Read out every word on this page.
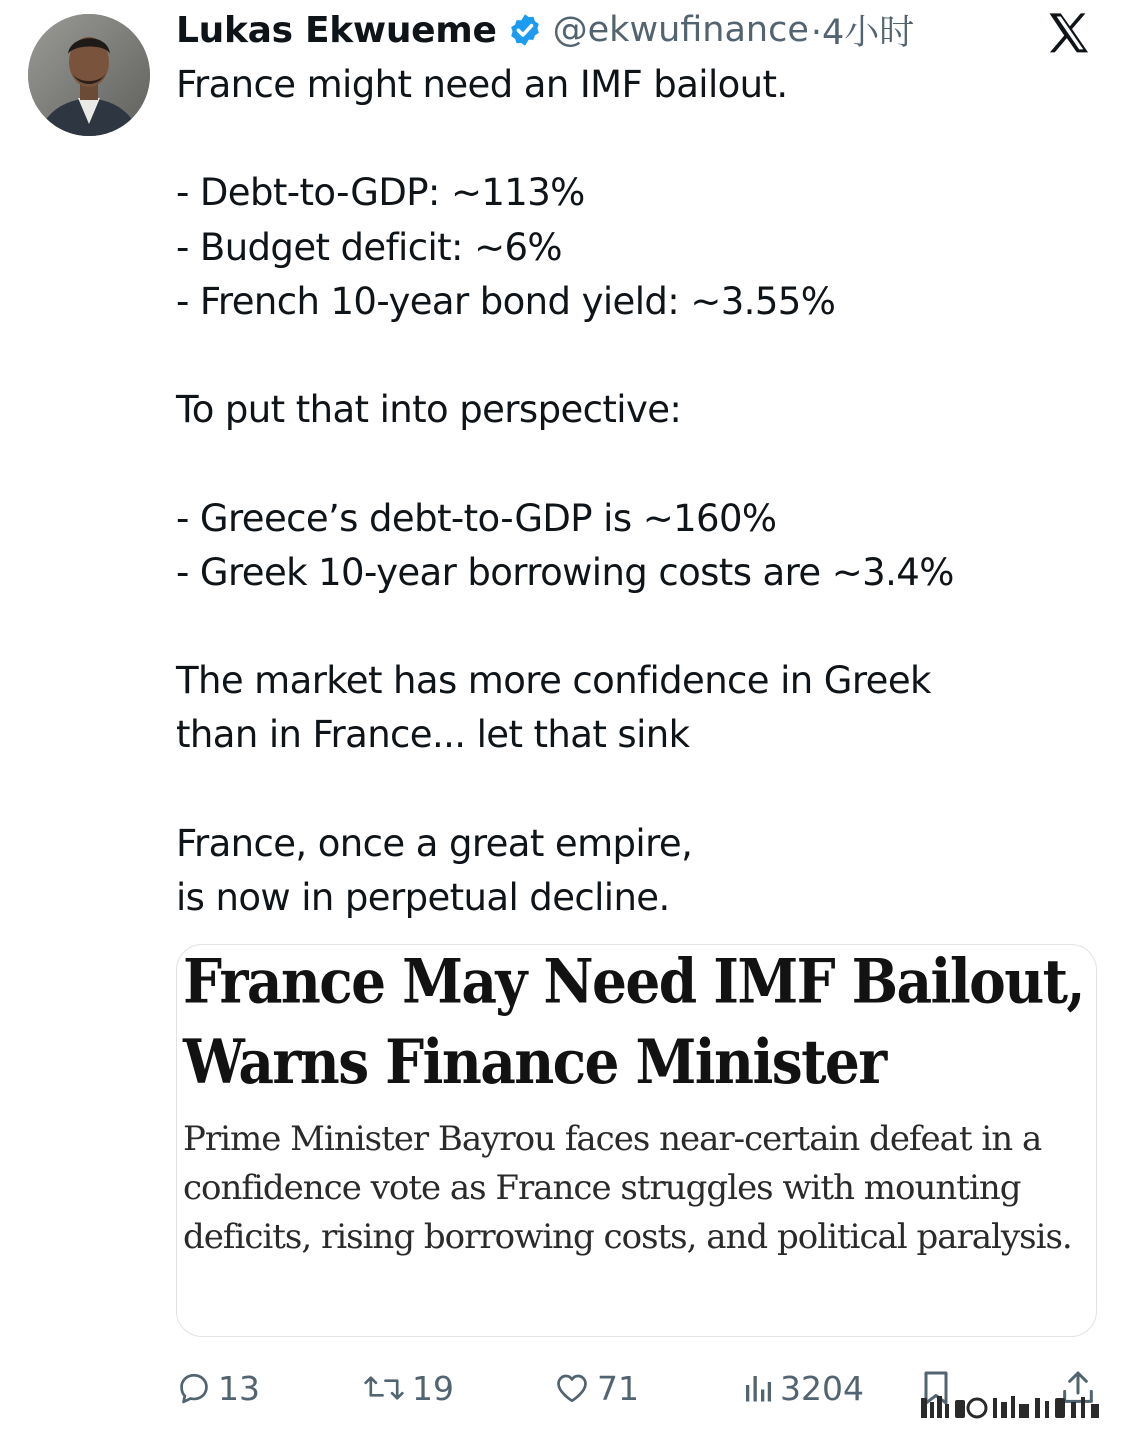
Lukas Ekwueme @ekwufinance ·4小时
France might need an IMF bailout.

- Debt-to-GDP: ~113%
- Budget deficit: ~6%
- French 10-year bond yield: ~3.55%

To put that into perspective:

- Greece’s debt-to-GDP is ~160%
- Greek 10-year borrowing costs are ~3.4%

The market has more confidence in Greek
than in France... let that sink

France, once a great empire,
is now in perpetual decline.
France May Need IMF Bailout, Warns Finance Minister
Prime Minister Bayrou faces near-certain defeat in a confidence vote as France struggles with mounting deficits, rising borrowing costs, and political paralysis.
13	19	71	3204
